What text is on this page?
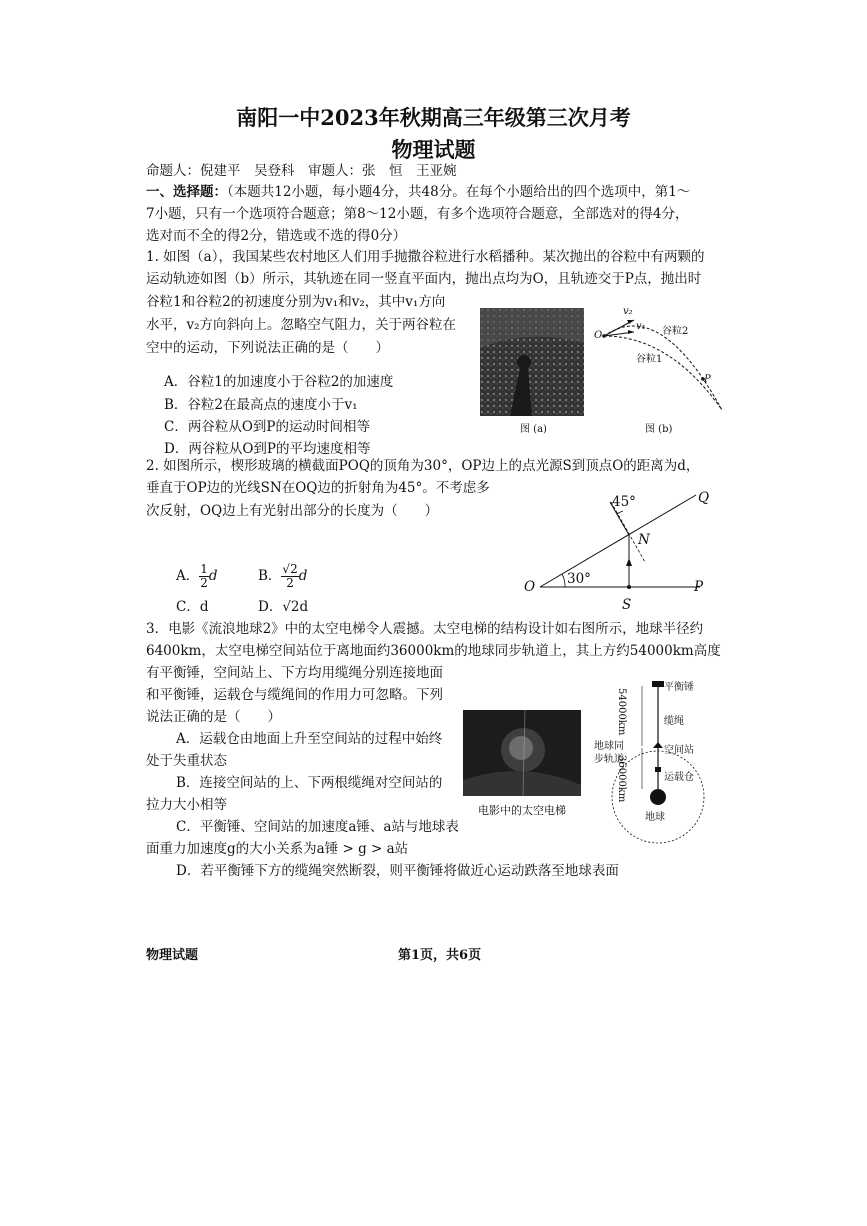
南阳一中2023年秋期高三年级第三次月考
物理试题
命题人：倪建平　吴登科　审题人：张　恒　王亚婉
一、选择题：（本题共12小题，每小题4分，共48分。在每个小题给出的四个选项中，第1～
7小题，只有一个选项符合题意；第8～12小题，有多个选项符合题意，全部选对的得4分，
选对而不全的得2分，错选或不选的得0分）
1. 如图（a），我国某些农村地区人们用手抛撒谷粒进行水稻播种。某次抛出的谷粒中有两颗的
运动轨迹如图（b）所示，其轨迹在同一竖直平面内，抛出点均为O，且轨迹交于P点，抛出时
谷粒1和谷粒2的初速度分别为v₁和v₂，其中v₁方向
水平，v₂方向斜向上。忽略空气阻力，关于两谷粒在
空中的运动，下列说法正确的是（　　）
A．谷粒1的加速度小于谷粒2的加速度
B．谷粒2在最高点的速度小于v₁
C．两谷粒从O到P的运动时间相等
D．两谷粒从O到P的平均速度相等
图 (a)
O
v₂
v₁ 谷粒2
谷粒1
P
图 (b)
2. 如图所示，楔形玻璃的横截面POQ的顶角为30°，OP边上的点光源S到顶点O的距离为d，
垂直于OP边的光线SN在OQ边的折射角为45°。不考虑多
次反射，OQ边上有光射出部分的长度为（　　）
A． $\frac{1}{2}$ d	B． $\frac{√2}{2}$ d
C．d	D．√2d
O	P
Q
S
N
30°
45°
3．电影《流浪地球2》中的太空电梯令人震撼。太空电梯的结构设计如右图所示，地球半径约
6400km，太空电梯空间站位于离地面约36000km的地球同步轨道上，其上方约54000km高度
有平衡锤，空间站上、下方均用缆绳分别连接地面
和平衡锤，运载仓与缆绳间的作用力可忽略。下列
说法正确的是（　　）
A．运载仓由地面上升至空间站的过程中始终
处于失重状态
B．连接空间站的上、下两根缆绳对空间站的
拉力大小相等
C．平衡锤、空间站的加速度a锤、a站与地球表
面重力加速度g的大小关系为a锤 > g > a站
D．若平衡锤下方的缆绳突然断裂，则平衡锤将做近心运动跌落至地球表面
电影中的太空电梯
平衡锤
缆绳
空间站
运载仓
地球
地球同步轨道
54000km
36000km
物理试题	第1页，共6页
